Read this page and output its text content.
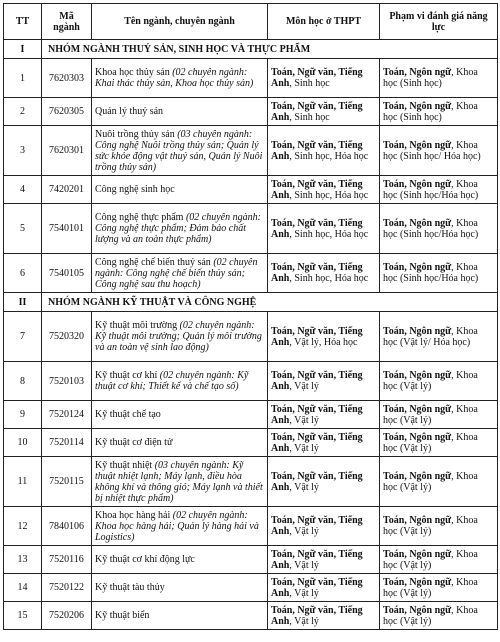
TT	Mã ngành	Tên ngành, chuyên ngành	Môn học ở THPT	Phạm vi đánh giá năng lực
I	NHÓM NGÀNH THUỶ SẢN, SINH HỌC VÀ THỰC PHẨM			
1	7620303	Khoa học thủy sản (02 chuyên ngành: Khai thác thủy sản, Khoa học thủy sản)	Toán, Ngữ văn, Tiếng Anh, Sinh học	Toán, Ngôn ngữ, Khoa học (Sinh học)
2	7620305	Quản lý thuỷ sản	Toán, Ngữ văn, Tiếng Anh, Sinh học	Toán, Ngôn ngữ, Khoa học (Sinh học)
3	7620301	Nuôi trồng thủy sản (03 chuyên ngành: Công nghệ Nuôi trồng thủy sản; Quản lý sức khỏe động vật thuỷ sản, Quản lý Nuôi trồng thủy sản)	Toán, Ngữ văn, Tiếng Anh, Sinh học, Hóa học	Toán, Ngôn ngữ, Khoa học (Sinh học/ Hóa học)
4	7420201	Công nghệ sinh học	Toán, Ngữ văn, Tiếng Anh, Sinh học, Hóa học	Toán, Ngôn ngữ, Khoa học (Sinh học/Hóa học)
5	7540101	Công nghệ thực phẩm (02 chuyên ngành: Công nghệ thực phẩm; Đảm bảo chất lượng và an toàn thực phẩm)	Toán, Ngữ văn, Tiếng Anh, Sinh học, Hóa học	Toán, Ngôn ngữ, Khoa học (Sinh học/Hóa học)
6	7540105	Công nghệ chế biến thuỷ sản (02 chuyên ngành: Công nghệ chế biến thủy sản; Công nghệ sau thu hoạch)	Toán, Ngữ văn, Tiếng Anh, Sinh học, Hóa học	Toán, Ngôn ngữ, Khoa học (Sinh học/Hóa học)
II	NHÓM NGÀNH KỸ THUẬT VÀ CÔNG NGHỆ			
7	7520320	Kỹ thuật môi trường (02 chuyên ngành: Kỹ thuật môi trường; Quản lý môi trường và an toàn vệ sinh lao động)	Toán, Ngữ văn, Tiếng Anh, Vật lý, Hóa học	Toán, Ngôn ngữ, Khoa học (Vật lý/ Hóa học)
8	7520103	Kỹ thuật cơ khí (02 chuyên ngành: Kỹ thuật cơ khí; Thiết kế và chế tạo số)	Toán, Ngữ văn, Tiếng Anh, Vật lý	Toán, Ngôn ngữ, Khoa học (Vật lý)
9	7520124	Kỹ thuật chế tạo	Toán, Ngữ văn, Tiếng Anh, Vật lý	Toán, Ngôn ngữ, Khoa học (Vật lý)
10	7520114	Kỹ thuật cơ điện tử	Toán, Ngữ văn, Tiếng Anh, Vật lý	Toán, Ngôn ngữ, Khoa học (Vật lý)
11	7520115	Kỹ thuật nhiệt (03 chuyên ngành: Kỹ thuật nhiệt lạnh; Máy lạnh, điều hòa không khí và thông gió; Máy lạnh và thiết bị nhiệt thực phẩm)	Toán, Ngữ văn, Tiếng Anh, Vật lý	Toán, Ngôn ngữ, Khoa học (Vật lý)
12	7840106	Khoa học hàng hải (02 chuyên ngành: Khoa học hàng hải; Quản lý hàng hải và Logistics)	Toán, Ngữ văn, Tiếng Anh, Vật lý	Toán, Ngôn ngữ, Khoa học (Vật lý)
13	7520116	Kỹ thuật cơ khí động lực	Toán, Ngữ văn, Tiếng Anh, Vật lý	Toán, Ngôn ngữ, Khoa học (Vật lý)
14	7520122	Kỹ thuật tàu thủy	Toán, Ngữ văn, Tiếng Anh, Vật lý	Toán, Ngôn ngữ, Khoa học (Vật lý)
15	7520206	Kỹ thuật biển	Toán, Ngữ văn, Tiếng Anh, Vật lý	Toán, Ngôn ngữ, Khoa học (Vật lý)
